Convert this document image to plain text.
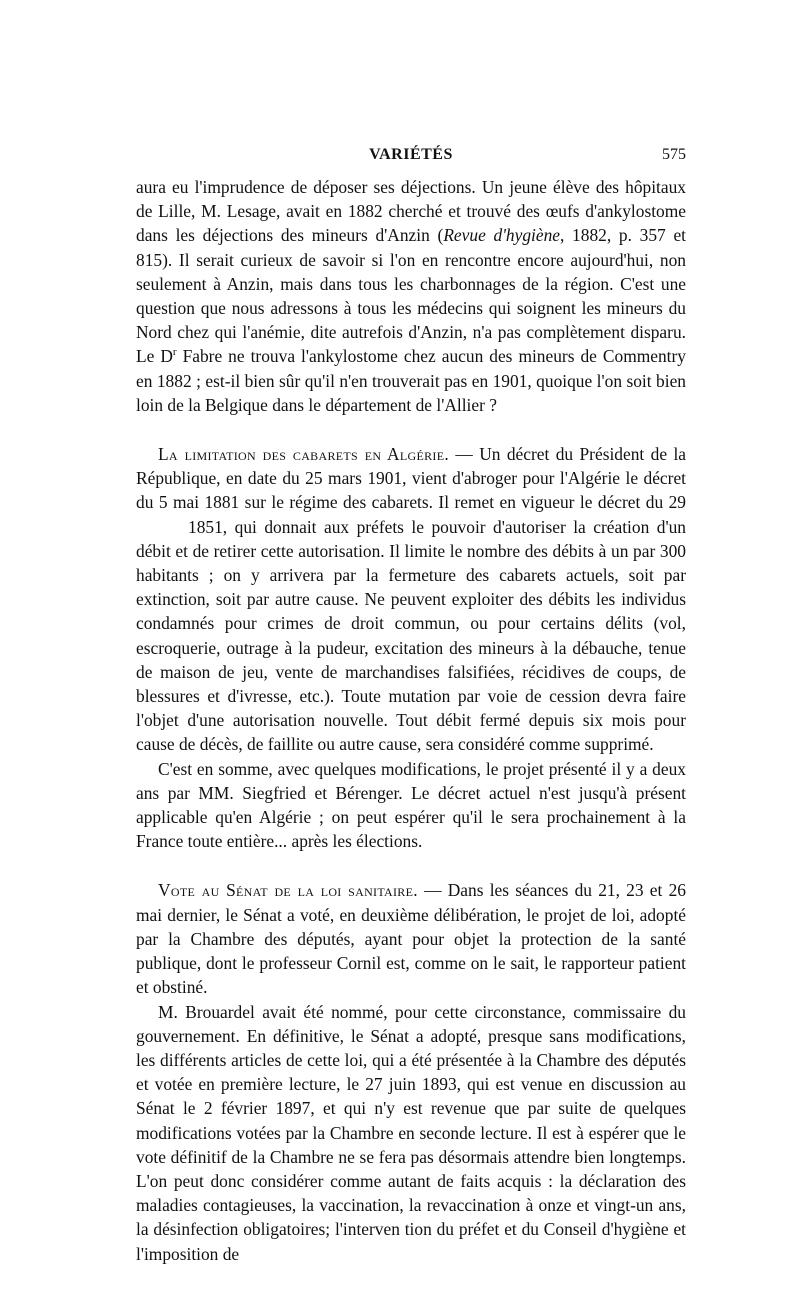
VARIÉTÉS	575

aura eu l'imprudence de déposer ses déjections. Un jeune élève des hôpitaux de Lille, M. Lesage, avait en 1882 cherché et trouvé des œufs d'ankylostome dans les déjections des mineurs d'Anzin (Revue d'hygiène, 1882, p. 357 et 815). Il serait curieux de savoir si l'on en rencontre encore aujourd'hui, non seulement à Anzin, mais dans tous les charbonnages de la région. C'est une question que nous adressons à tous les médecins qui soignent les mineurs du Nord chez qui l'anémie, dite autrefois d'Anzin, n'a pas complètement disparu. Le $D^r$ Fabre ne trouva l'ankylostome chez aucun des mineurs de Commentry en 1882 ; est-il bien sûr qu'il n'en trouverait pas en 1901, quoique l'on soit bien loin de la Belgique dans le département de l'Allier ?

La limitation des cabarets en Algérie. — Un décret du Président de la République, en date du 25 mars 1901, vient d'abroger pour l'Algérie le décret du 5 mai 1881 sur le régime des cabarets. Il remet en vigueur le décret du 291851, qui donnait aux préfets le pouvoir d'autoriser la création d'un débit et de retirer cette autorisation. Il limite le nombre des débits à un par 300 habitants ; on y arrivera par la fermeture des cabarets actuels, soit par extinction, soit par autre cause. Ne peuvent exploiter des débits les individus condamnés pour crimes de droit commun, ou pour certains délits (vol, escroquerie, outrage à la pudeur, excitation des mineurs à la débauche, tenue de maison de jeu, vente de marchandises falsifiées, récidives de coups, de blessures et d'ivresse, etc.). Toute mutation par voie de cession devra faire l'objet d'une autorisation nouvelle. Tout débit fermé depuis six mois pour cause de décès, de faillite ou autre cause, sera considéré comme supprimé.

C'est en somme, avec quelques modifications, le projet présenté il y a deux ans par MM. Siegfried et Bérenger. Le décret actuel n'est jusqu'à présent applicable qu'en Algérie ; on peut espérer qu'il le sera prochainement à la France toute entière... après les élections.

Vote au Sénat de la loi sanitaire. — Dans les séances du 21, 23 et 26 mai dernier, le Sénat a voté, en deuxième délibération, le projet de loi, adopté par la Chambre des députés, ayant pour objet la protection de la santé publique, dont le professeur Cornil est, comme on le sait, le rapporteur patient et obstiné.

M. Brouardel avait été nommé, pour cette circonstance, commissaire du gouvernement. En définitive, le Sénat a adopté, presque sans modifications, les différents articles de cette loi, qui a été présentée à la Chambre des députés et votée en première lecture, le 27 juin 1893, qui est venue en discussion au Sénat le 2 février 1897, et qui n'y est revenue que par suite de quelques modifications votées par la Chambre en seconde lecture. Il est à espérer que le vote définitif de la Chambre ne se fera pas désormais attendre bien longtemps. L'on peut donc considérer comme autant de faits acquis : la déclaration des maladies contagieuses, la vaccination, la revaccination à onze et vingt-un ans, la désinfection obligatoires; l'interven tion du préfet et du Conseil d'hygiène et l'imposition de
